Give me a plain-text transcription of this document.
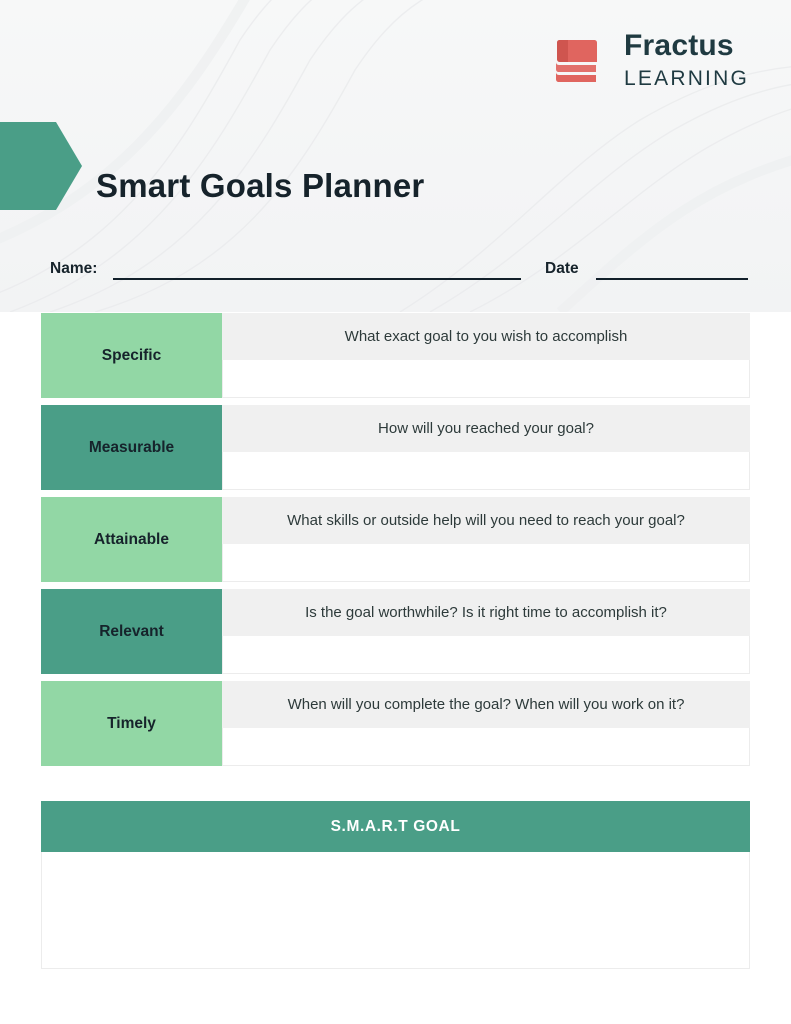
Fractus
LEARNING
Smart Goals Planner
Name:	Date
Specific
What exact goal to you wish to accomplish
Measurable
How will you reached your goal?
Attainable
What skills or outside help will you need to reach your goal?
Relevant
Is the goal worthwhile? Is it right time to accomplish it?
Timely
When will you complete the goal? When will you work on it?
S.M.A.R.T GOAL
